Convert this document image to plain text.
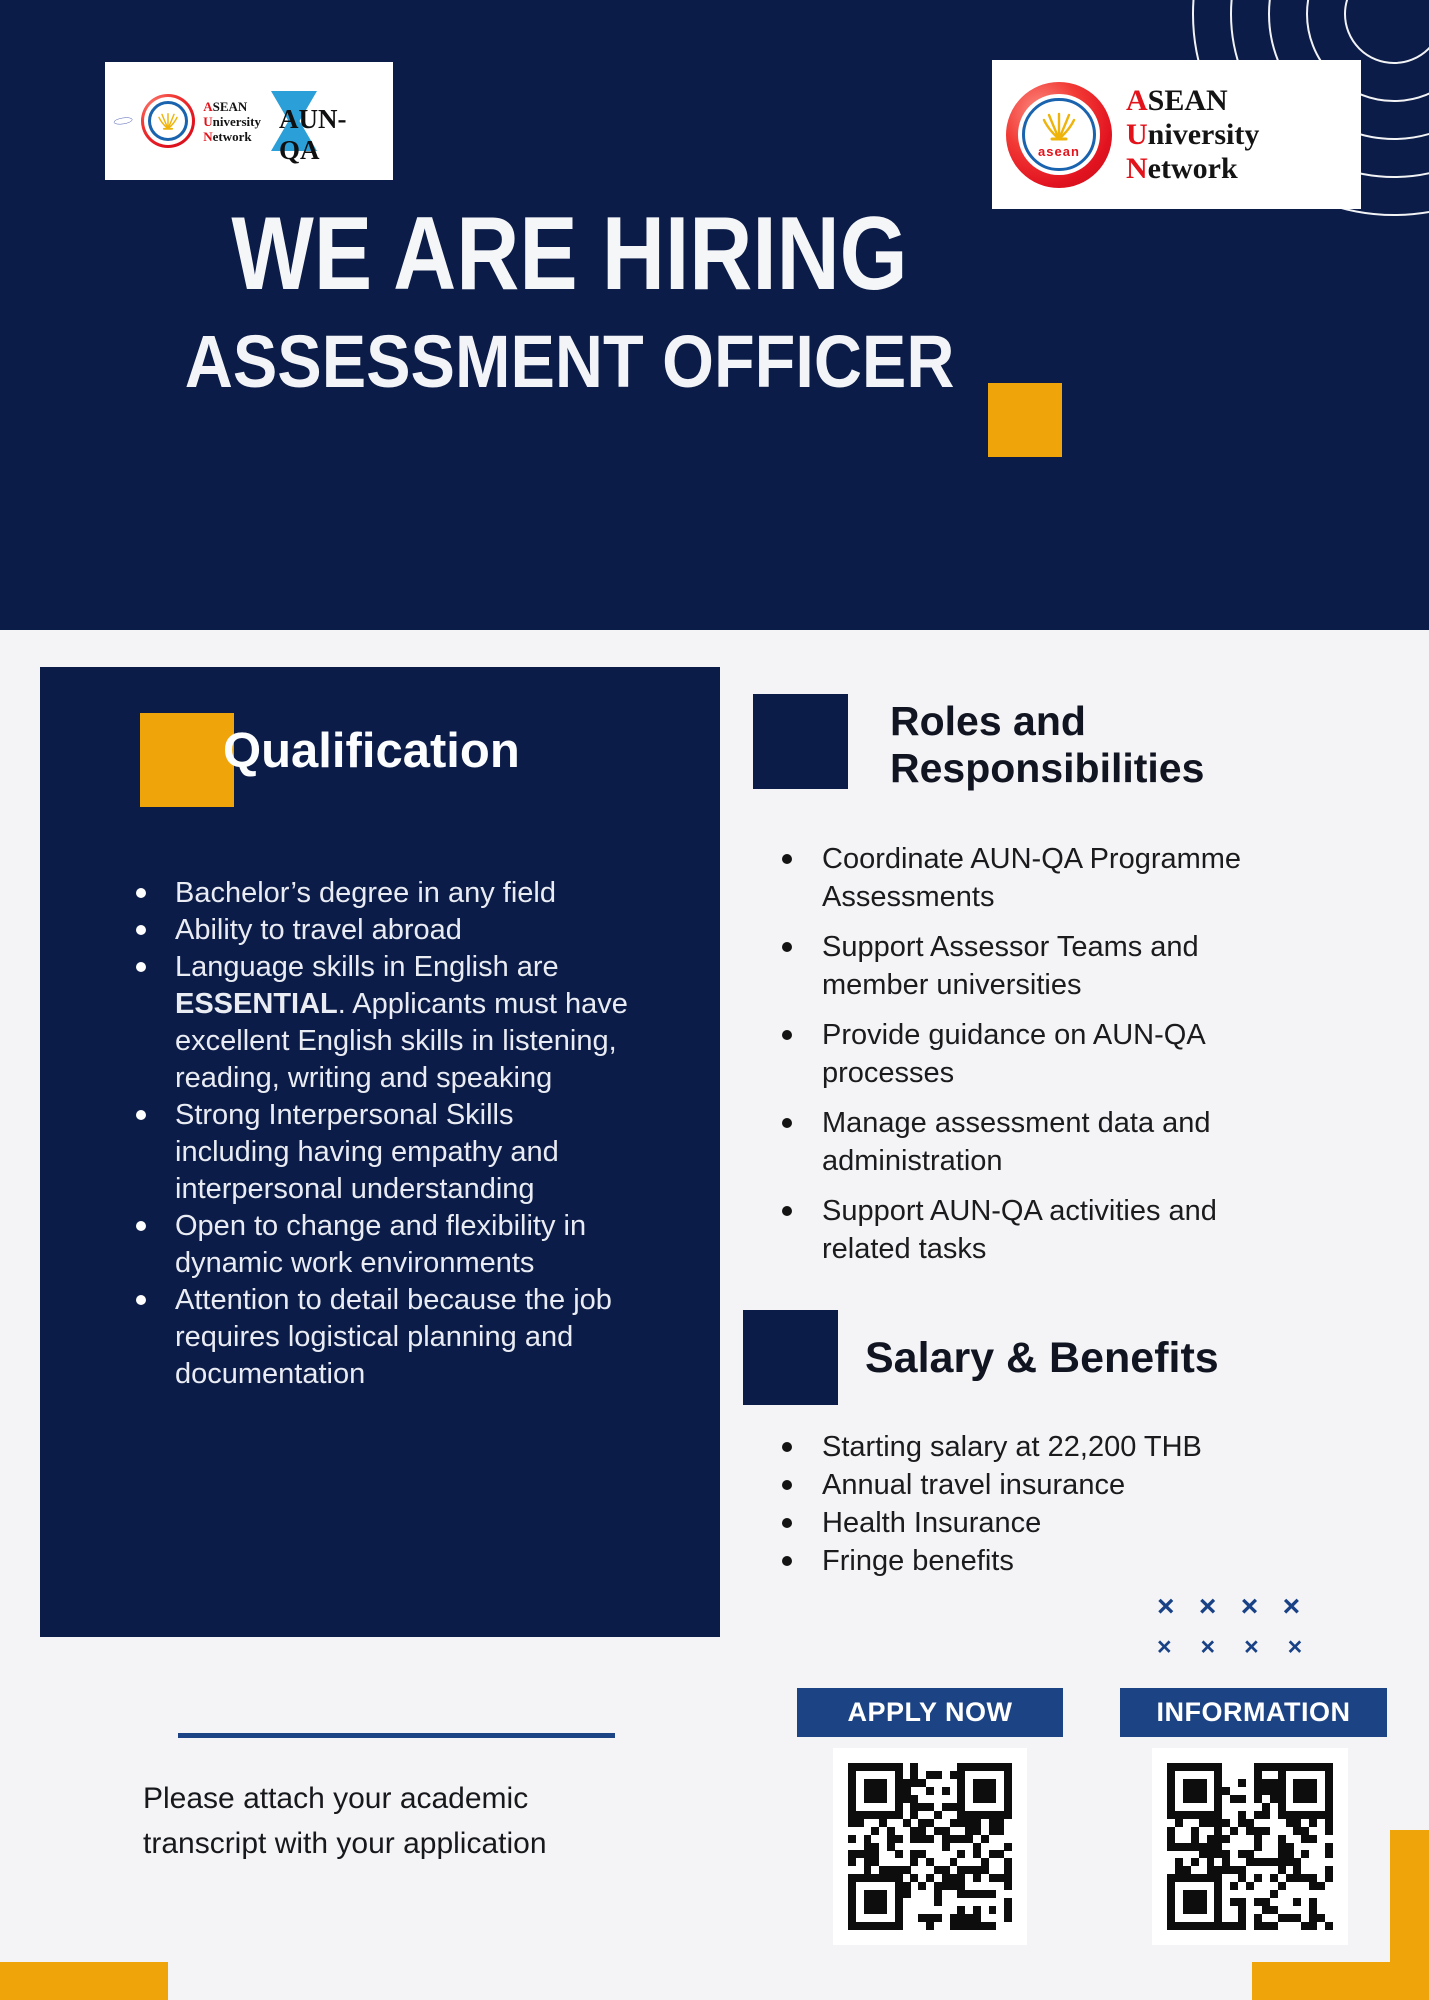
ASEAN
University
Network
AUN-QA	asean
ASEAN
University
Network
WE ARE HIRING
ASSESSMENT OFFICER
Qualification
Bachelor’s degree in any field
Ability to travel abroad
Language skills in English are ESSENTIAL. Applicants must have excellent English skills in listening, reading, writing and speaking
Strong Interpersonal Skills including having empathy and interpersonal understanding
Open to change and flexibility in dynamic work environments
Attention to detail because the job requires logistical planning and documentation
Roles and Responsibilities
Coordinate AUN-QA Programme Assessments
Support Assessor Teams and member universities
Provide guidance on AUN-QA processes
Manage assessment data and administration
Support AUN-QA activities and related tasks
Salary & Benefits
Starting salary at 22,200 THB
Annual travel insurance
Health Insurance
Fringe benefits
× × × ×
× × × ×
APPLY NOW	INFORMATION
Please attach your academic transcript with your application
